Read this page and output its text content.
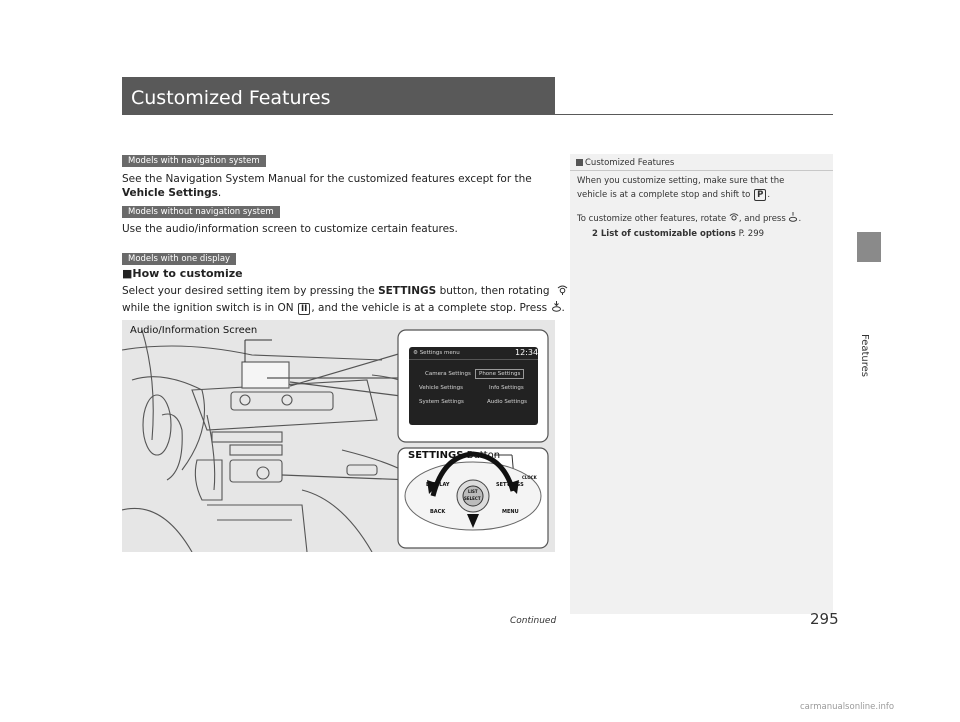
Customized Features
Features
Models with navigation system
Models without navigation system
Models with one display
See the Navigation System Manual for the customized features except for the
Vehicle Settings.
Use the audio/information screen to customize certain features.
■How to customize
Select your desired setting item by pressing the SETTINGS button, then rotating
while the ignition switch is in ON II , and the vehicle is at a complete stop. Press .
Audio/Information Screen
SETTINGS Button
DISPLAY	SETTINGS
CLOCK
BACK	MENU
LIST
SELECT
⚙ Settings menu	12:34
Camera Settings	Phone Settings
Vehicle Settings	Info Settings
System Settings	Audio Settings
Customized Features
When you customize setting, make sure that the
vehicle is at a complete stop and shift to P .
To customize other features, rotate , and press .
2 List of customizable options P. 299
Continued	295
carmanualsonline.info
